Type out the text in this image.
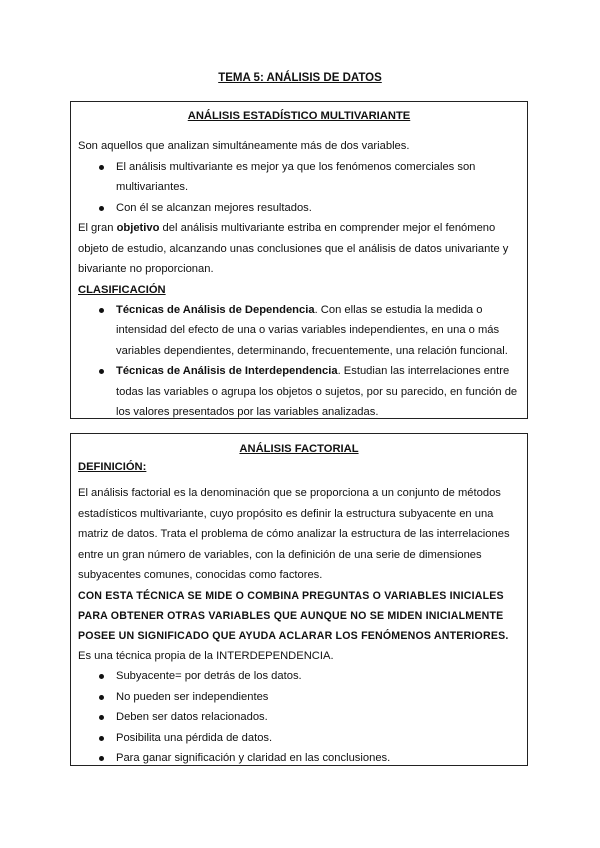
TEMA 5: ANÁLISIS DE DATOS
ANÁLISIS ESTADÍSTICO MULTIVARIANTE

Son aquellos que analizan simultáneamente más de dos variables.

El análisis multivariante es mejor ya que los fenómenos comerciales son multivariantes.
Con él se alcanzan mejores resultados.

El gran objetivo del análisis multivariante estriba en comprender mejor el fenómeno objeto de estudio, alcanzando unas conclusiones que el análisis de datos univariante y bivariante no proporcionan.

CLASIFICACIÓN

Técnicas de Análisis de Dependencia. Con ellas se estudia la medida o intensidad del efecto de una o varias variables independientes, en una o más variables dependientes, determinando, frecuentemente, una relación funcional.
Técnicas de Análisis de Interdependencia. Estudian las interrelaciones entre todas las variables o agrupa los objetos o sujetos, por su parecido, en función de los valores presentados por las variables analizadas.
ANÁLISIS FACTORIAL

DEFINICIÓN:

El análisis factorial es la denominación que se proporciona a un conjunto de métodos estadísticos multivariante, cuyo propósito es definir la estructura subyacente en una matriz de datos. Trata el problema de cómo analizar la estructura de las interrelaciones entre un gran número de variables, con la definición de una serie de dimensiones subyacentes comunes, conocidas como factores.

CON ESTA TÉCNICA SE MIDE O COMBINA PREGUNTAS O VARIABLES INICIALES PARA OBTENER OTRAS VARIABLES QUE AUNQUE NO SE MIDEN INICIALMENTE POSEE UN SIGNIFICADO QUE AYUDA ACLARAR LOS FENÓMENOS ANTERIORES.

Es una técnica propia de la INTERDEPENDENCIA.

Subyacente= por detrás de los datos.
No pueden ser independientes
Deben ser datos relacionados.
Posibilita una pérdida de datos.
Para ganar significación y claridad en las conclusiones.
